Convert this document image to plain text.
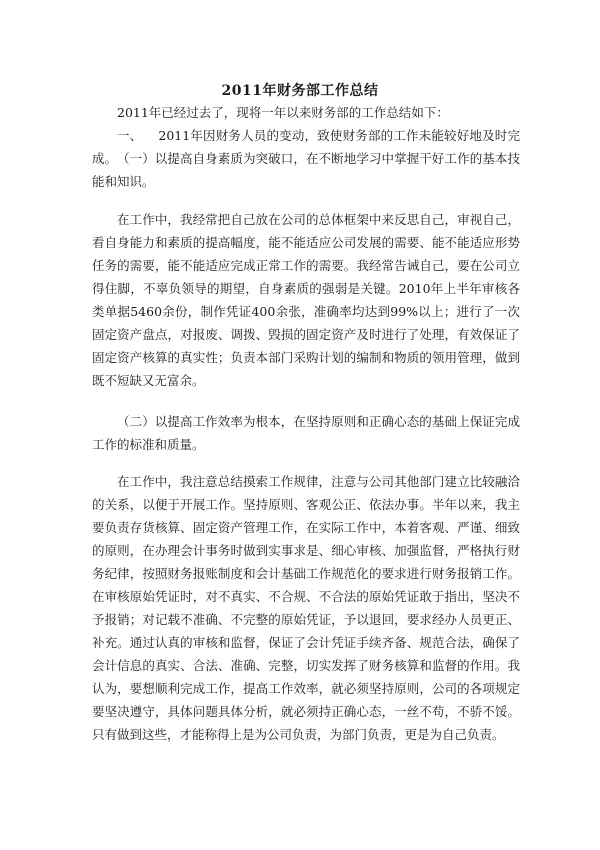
2011年财务部工作总结
2011年已经过去了，现将一年以来财务部的工作总结如下：
一、 2011年因财务人员的变动，致使财务部的工作未能较好地及时完成。 （一）以提高自身素质为突破口，在不断地学习中掌握干好工作的基本技能和知识。
在工作中，我经常把自己放在公司的总体框架中来反思自己，审视自己，看自身能力和素质的提高幅度，能不能适应公司发展的需要、能不能适应形势任务的需要，能不能适应完成正常工作的需要。我经常告诫自己，要在公司立得住脚，不辜负领导的期望，自身素质的强弱是关键。2010年上半年审核各类单据5460余份，制作凭证400余张，准确率均达到99%以上；进行了一次固定资产盘点，对报废、调拨、毁损的固定资产及时进行了处理，有效保证了固定资产核算的真实性；负责本部门采购计划的编制和物质的领用管理，做到既不短缺又无富余。
（二）以提高工作效率为根本，在坚持原则和正确心态的基础上保证完成工作的标准和质量。
在工作中，我注意总结摸索工作规律，注意与公司其他部门建立比较融洽的关系，以便于开展工作。坚持原则、客观公正、依法办事。半年以来，我主要负责存货核算、固定资产管理工作，在实际工作中，本着客观、严谨、细致的原则，在办理会计事务时做到实事求是、细心审核、加强监督，严格执行财务纪律，按照财务报账制度和会计基础工作规范化的要求进行财务报销工作。在审核原始凭证时，对不真实、不合规、不合法的原始凭证敢于指出，坚决不予报销；对记载不准确、不完整的原始凭证，予以退回，要求经办人员更正、补充。通过认真的审核和监督，保证了会计凭证手续齐备、规范合法，确保了会计信息的真实、合法、准确、完整，切实发挥了财务核算和监督的作用。我认为，要想顺利完成工作，提高工作效率，就必须坚持原则，公司的各项规定要坚决遵守，具体问题具体分析，就必须持正确心态，一丝不苟，不骄不馁。只有做到这些，才能称得上是为公司负责，为部门负责，更是为自己负责。
